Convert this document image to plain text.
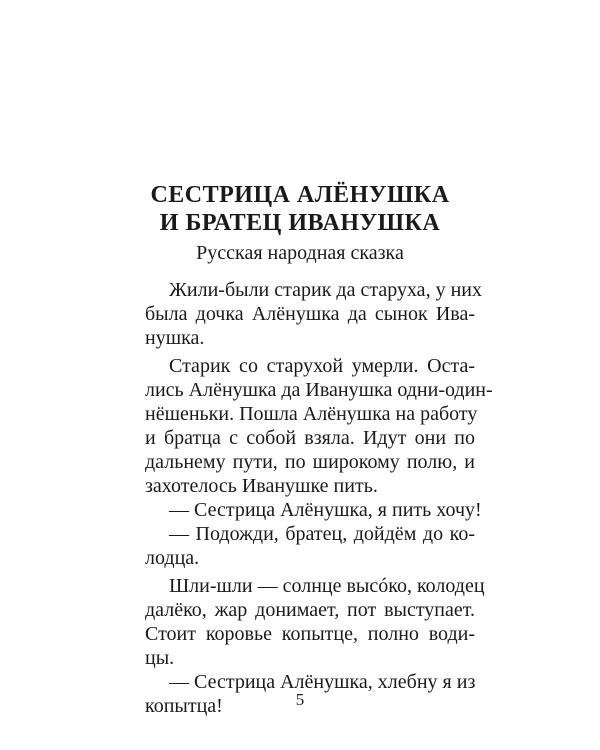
СЕСТРИЦА АЛЁНУШКА
И БРАТЕЦ ИВАНУШКА
Русская народная сказка
Жили-были старик да старуха, у них
была дочка Алёнушка да сынок Ива-
нушка.
Старик со старухой умерли. Оста-
лись Алёнушка да Иванушка одни-один-
нёшеньки. Пошла Алёнушка на работу
и братца с собой взяла. Идут они по
дальнему пути, по широкому полю, и
захотелось Иванушке пить.
— Сестрица Алёнушка, я пить хочу!
— Подожди, братец, дойдём до ко-
лодца.
Шли-шли — солнце высóко, колодец
далёко, жар донимает, пот выступает.
Стоит коровье копытце, полно води-
цы.
— Сестрица Алёнушка, хлебну я из
копытца!	5
